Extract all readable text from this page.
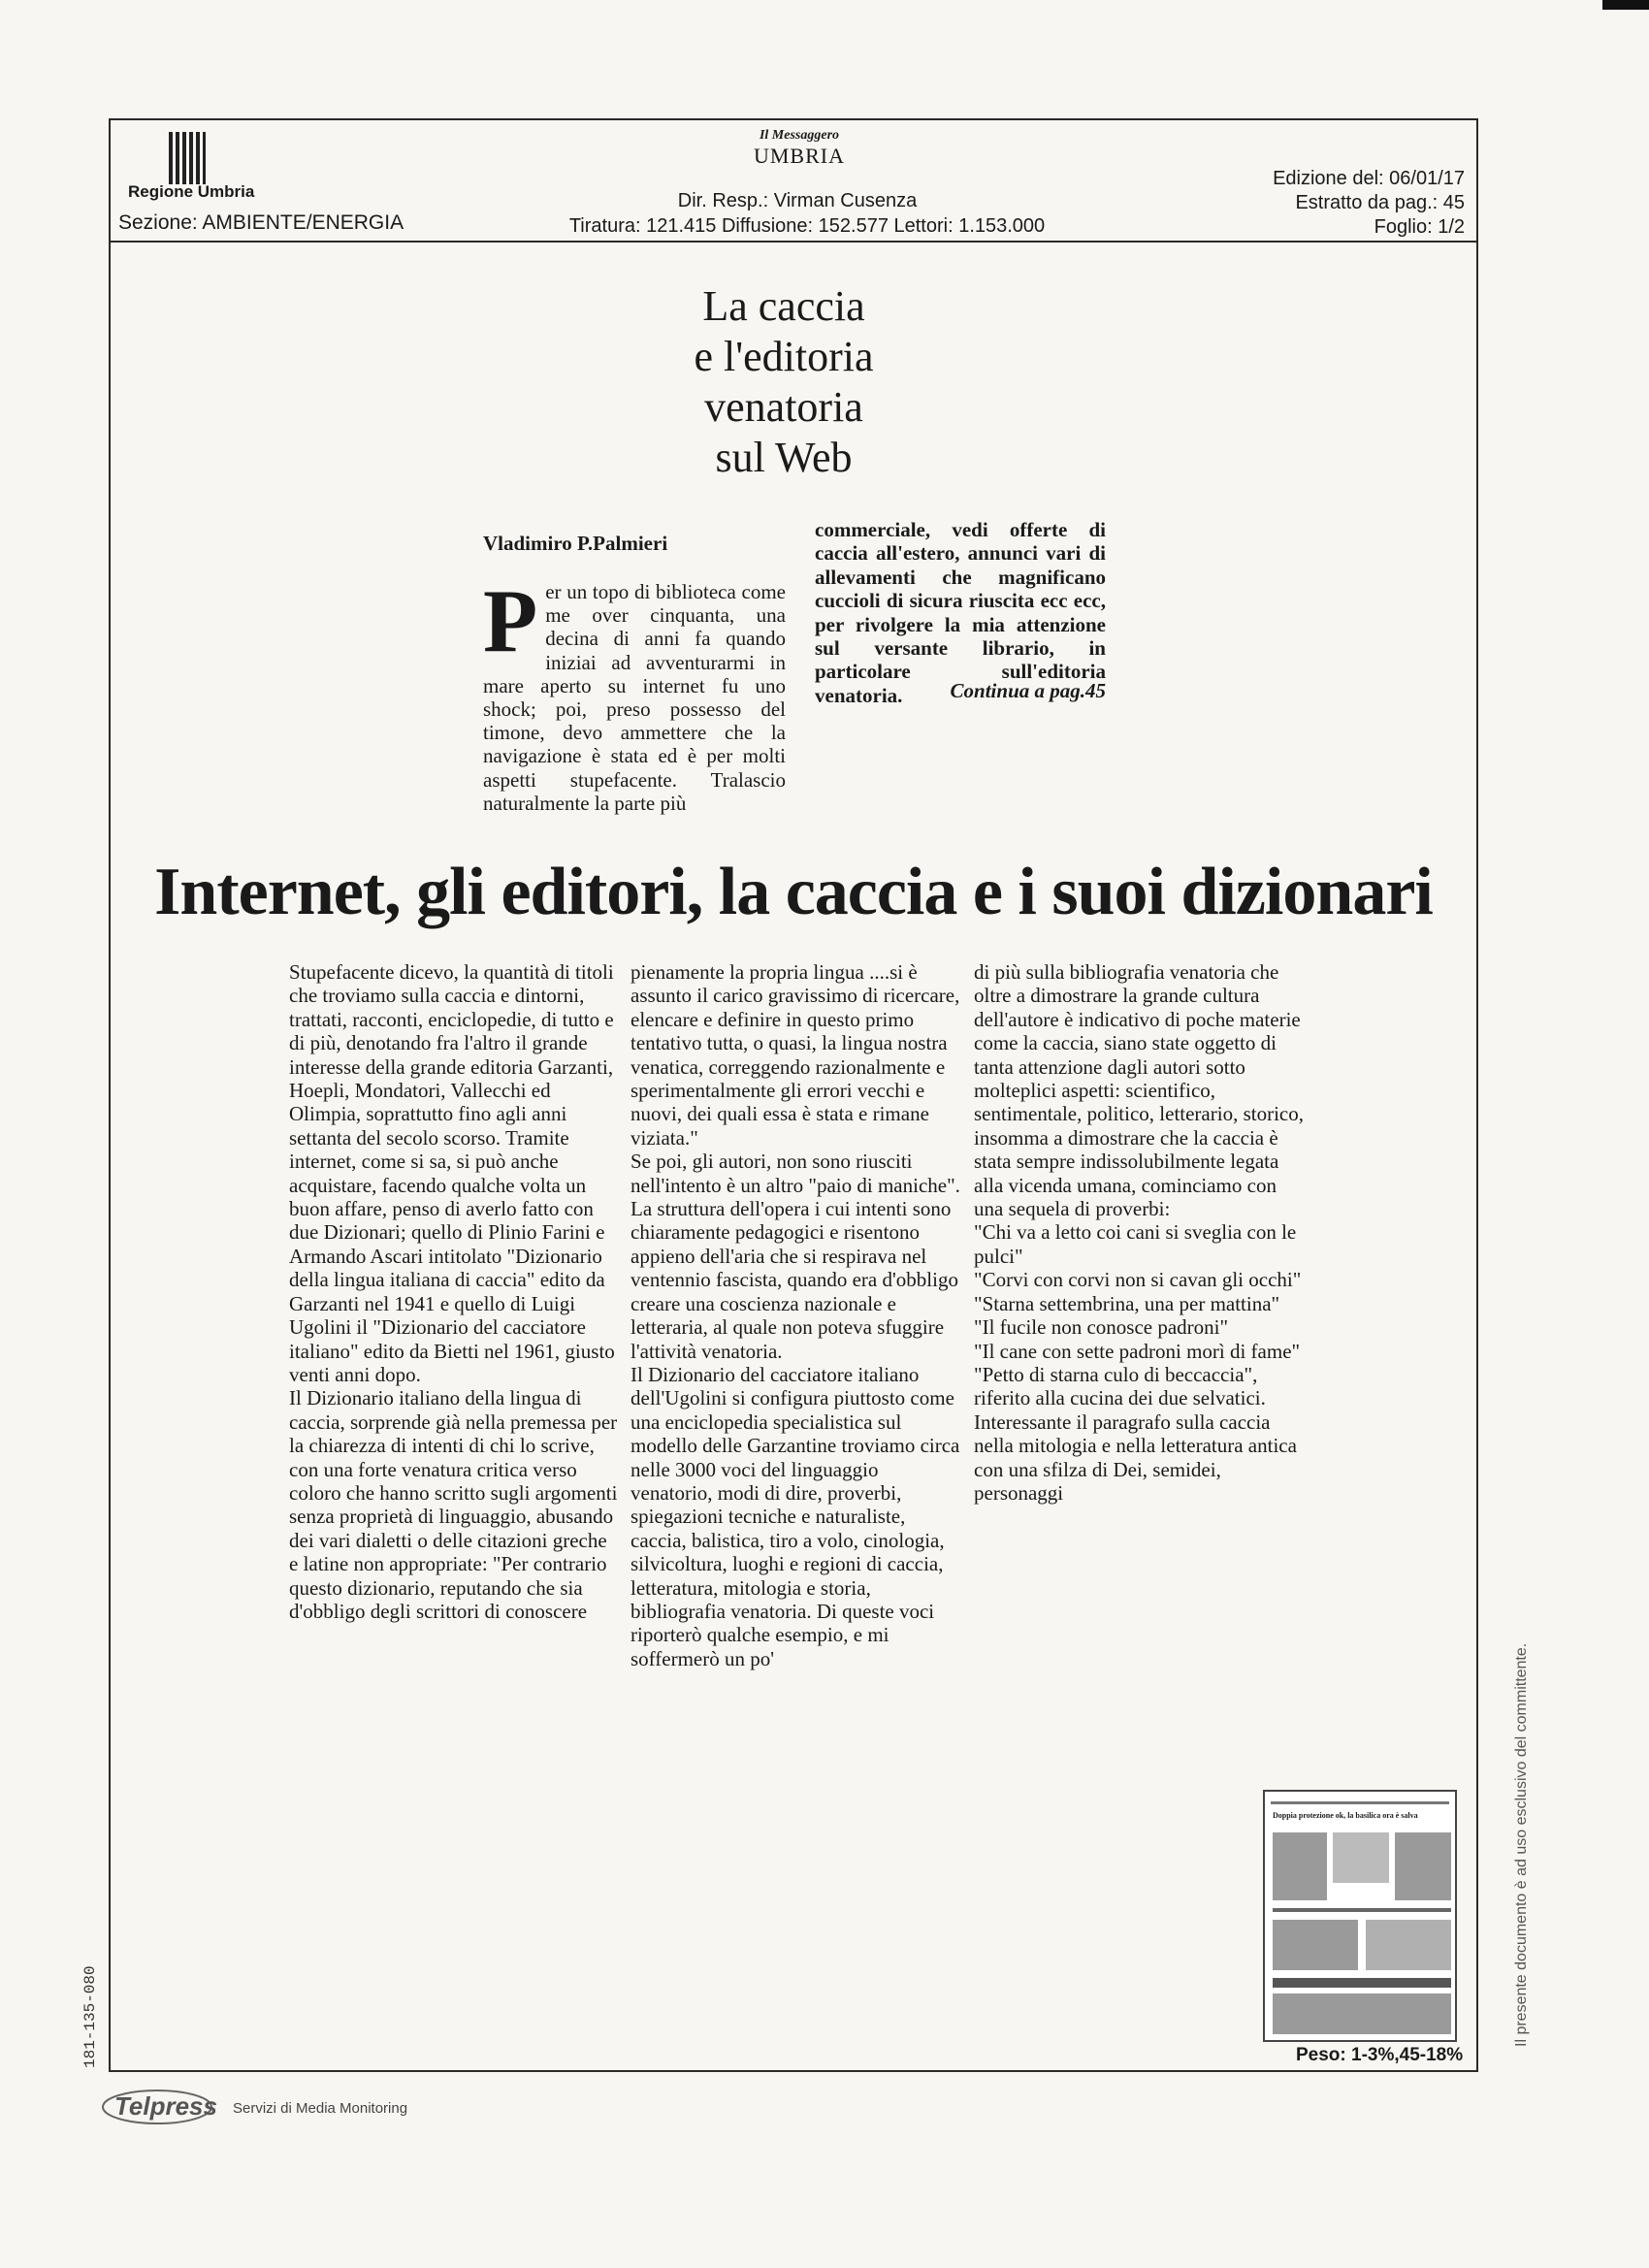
Regione Umbria
Sezione: AMBIENTE/ENERGIA
Il Messaggero
UMBRIA
Dir. Resp.: Virman Cusenza
Tiratura: 121.415 Diffusione: 152.577 Lettori: 1.153.000
Edizione del: 06/01/17
Estratto da pag.: 45
Foglio: 1/2
La caccia
e l'editoria
venatoria
sul Web
Vladimiro P.Palmieri
P er un topo di biblioteca come me over cinquanta, una decina di anni fa quando iniziai ad avventurarmi in mare aperto su internet fu uno shock; poi, preso possesso del timone, devo ammettere che la navigazione è stata ed è per molti aspetti stupefacente. Tralascio naturalmente la parte più
commerciale, vedi offerte di caccia all'estero, annunci vari di allevamenti che magnificano cuccioli di sicura riuscita ecc ecc, per rivolgere la mia attenzione sul versante librario, in particolare sull'editoria venatoria.	Continua a pag.45
Internet, gli editori, la caccia e i suoi dizionari

Stupefacente dicevo, la quantità di titoli che troviamo sulla caccia e dintorni, trattati, racconti, enciclopedie, di tutto e di più, denotando fra l'altro il grande interesse della grande editoria Garzanti, Hoepli, Mondatori, Vallecchi ed Olimpia, soprattutto fino agli anni settanta del secolo scorso. Tramite internet, come si sa, si può anche acquistare, facendo qualche volta un buon affare, penso di averlo fatto con due Dizionari; quello di Plinio Farini e Armando Ascari intitolato "Dizionario della lingua italiana di caccia" edito da Garzanti nel 1941 e quello di Luigi Ugolini il "Dizionario del cacciatore italiano" edito da Bietti nel 1961, giusto venti anni dopo.

Il Dizionario italiano della lingua di caccia, sorprende già nella premessa per la chiarezza di intenti di chi lo scrive, con una forte venatura critica verso coloro che hanno scritto sugli argomenti senza proprietà di linguaggio, abusando dei vari dialetti o delle citazioni greche e latine non appropriate: "Per contrario questo dizionario, reputando che sia d'obbligo degli scrittori di conoscere

pienamente la propria lingua ....si è assunto il carico gravissimo di ricercare, elencare e definire in questo primo tentativo tutta, o quasi, la lingua nostra venatica, correggendo razionalmente e sperimentalmente gli errori vecchi e nuovi, dei quali essa è stata e rimane viziata."

Se poi, gli autori, non sono riusciti nell'intento è un altro "paio di maniche". La struttura dell'opera i cui intenti sono chiaramente pedagogici e risentono appieno dell'aria che si respirava nel ventennio fascista, quando era d'obbligo creare una coscienza nazionale e letteraria, al quale non poteva sfuggire l'attività venatoria.

Il Dizionario del cacciatore italiano dell'Ugolini si configura piuttosto come una enciclopedia specialistica sul modello delle Garzantine troviamo circa nelle 3000 voci del linguaggio venatorio, modi di dire, proverbi, spiegazioni tecniche e naturaliste, caccia, balistica, tiro a volo, cinologia, silvicoltura, luoghi e regioni di caccia, letteratura, mitologia e storia, bibliografia venatoria. Di queste voci riporterò qualche esempio, e mi soffermerò un po'

di più sulla bibliografia venatoria che oltre a dimostrare la grande cultura dell'autore è indicativo di poche materie come la caccia, siano state oggetto di tanta attenzione dagli autori sotto molteplici aspetti: scientifico, sentimentale, politico, letterario, storico, insomma a dimostrare che la caccia è stata sempre indissolubilmente legata alla vicenda umana, cominciamo con una sequela di proverbi:

"Chi va a letto coi cani si sveglia con le pulci"

"Corvi con corvi non si cavan gli occhi"

"Starna settembrina, una per mattina"

"Il fucile non conosce padroni"

"Il cane con sette padroni morì di fame"

"Petto di starna culo di beccaccia", riferito alla cucina dei due selvatici.

Interessante il paragrafo sulla caccia nella mitologia e nella letteratura antica con una sfilza di Dei, semidei, personaggi

Doppia protezione ok, la basilica ora è salva
Peso: 1-3%,45-18%
Il presente documento è ad uso esclusivo del committente.
181-135-080
Telpress Servizi di Media Monitoring
